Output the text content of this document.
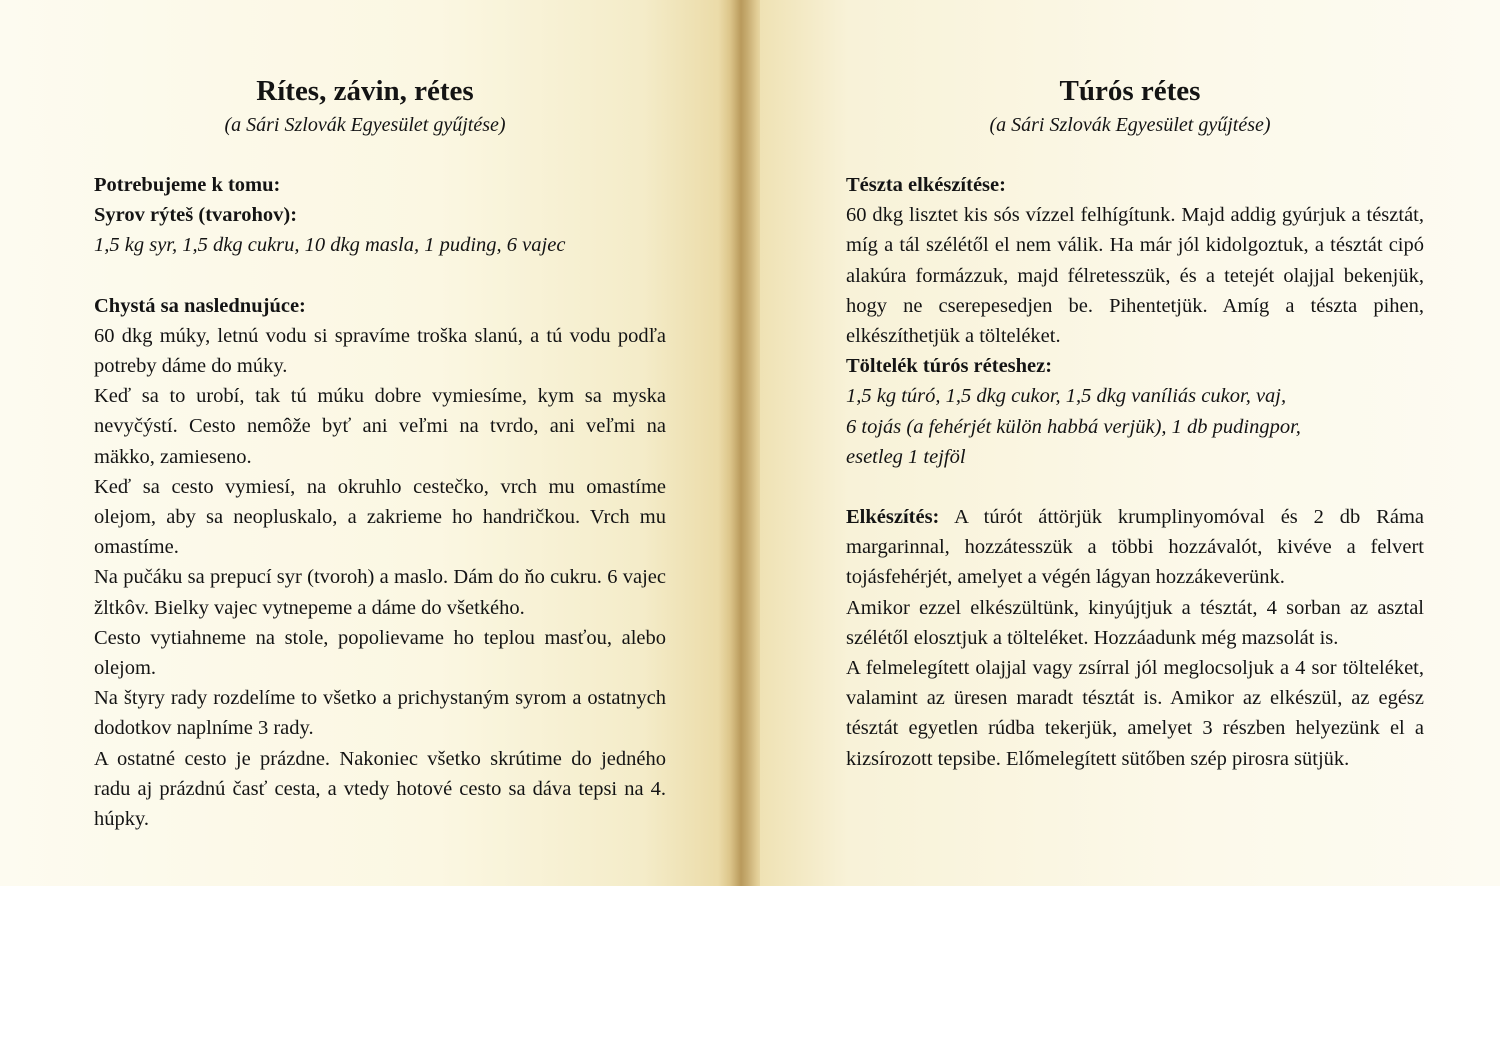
Rítes, závin, rétes

(a Sári Szlovák Egyesület gyűjtése)

Potrebujeme k tomu:

Syrov rýteš (tvarohov):

1,5 kg syr, 1,5 dkg cukru, 10 dkg masla, 1 puding, 6 vajec

Chystá sa naslednujúce:

60 dkg múky, letnú vodu si spravíme troška slanú, a tú vodu podľa potreby dáme do múky.

Keď sa to urobí, tak tú múku dobre vymiesíme, kym sa myska nevyčýstí. Cesto nemôže byť ani veľmi na tvrdo, ani veľmi na mäkko, zamieseno.

Keď sa cesto vymiesí, na okruhlo cestečko, vrch mu omastíme olejom, aby sa neopluskalo, a zakrieme ho handričkou. Vrch mu omastíme.

Na pučáku sa prepucí syr (tvoroh) a maslo. Dám do ňo cukru. 6 vajec žltkôv. Bielky vajec vytnepeme a dáme do všetkého.

Cesto vytiahneme na stole, popolievame ho teplou masťou, alebo olejom.

Na štyry rady rozdelíme to všetko a prichystaným syrom a ostatnych dodotkov naplníme 3 rady.

A ostatné cesto je prázdne. Nakoniec všetko skrútime do jedného radu aj prázdnú časť cesta, a vtedy hotové cesto sa dáva tepsi na 4. húpky.

Túrós rétes

(a Sári Szlovák Egyesület gyűjtése)

Tészta elkészítése:

60 dkg lisztet kis sós vízzel felhígítunk. Majd addig gyúrjuk a tésztát, míg a tál szélétől el nem válik. Ha már jól kidolgoztuk, a tésztát cipó alakúra formázzuk, majd félretesszük, és a tetejét olajjal bekenjük, hogy ne cserepesedjen be. Pihentetjük. Amíg a tészta pihen, elkészíthetjük a tölteléket.

Töltelék túrós réteshez:

1,5 kg túró, 1,5 dkg cukor, 1,5 dkg vaníliás cukor, vaj,

6 tojás (a fehérjét külön habbá verjük), 1 db pudingpor,

esetleg 1 tejföl

Elkészítés: A túrót áttörjük krumplinyomóval és 2 db Ráma margarinnal, hozzátesszük a többi hozzávalót, kivéve a felvert tojásfehérjét, amelyet a végén lágyan hozzákeverünk.

Amikor ezzel elkészültünk, kinyújtjuk a tésztát, 4 sorban az asztal szélétől elosztjuk a tölteléket. Hozzáadunk még mazsolát is.

A felmelegített olajjal vagy zsírral jól meglocsoljuk a 4 sor tölteléket, valamint az üresen maradt tésztát is. Amikor az elkészül, az egész tésztát egyetlen rúdba tekerjük, amelyet 3 részben helyezünk el a kizsírozott tepsibe. Előmelegített sütőben szép pirosra sütjük.
